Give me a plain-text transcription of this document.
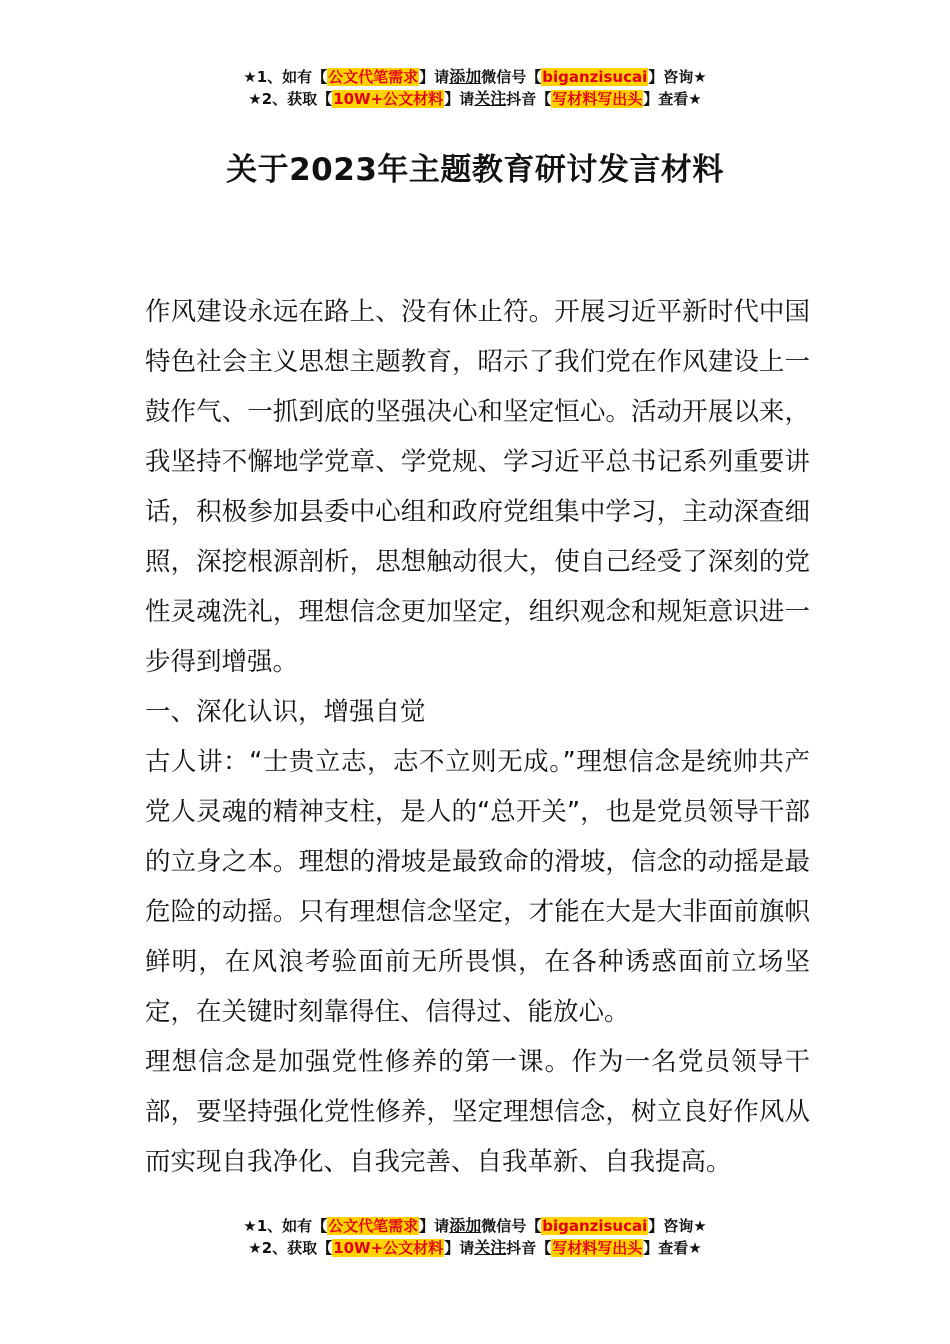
★1、如有【公文代笔需求】请添加微信号【biganzisucai】咨询★
★2、获取【10W+公文材料】请关注抖音【写材料写出头】查看★
关于2023年主题教育研讨发言材料

作风建设永远在路上、没有休止符。开展习近平新时代中国特色社会主义思想主题教育，昭示了我们党在作风建设上一鼓作气、一抓到底的坚强决心和坚定恒心。活动开展以来，我坚持不懈地学党章、学党规、学习近平总书记系列重要讲话，积极参加县委中心组和政府党组集中学习，主动深查细照，深挖根源剖析，思想触动很大，使自己经受了深刻的党性灵魂洗礼，理想信念更加坚定，组织观念和规矩意识进一步得到增强。

一、深化认识，增强自觉

古人讲：“士贵立志，志不立则无成。”理想信念是统帅共产党人灵魂的精神支柱，是人的“总开关”，也是党员领导干部的立身之本。理想的滑坡是最致命的滑坡，信念的动摇是最危险的动摇。只有理想信念坚定，才能在大是大非面前旗帜鲜明，在风浪考验面前无所畏惧，在各种诱惑面前立场坚定，在关键时刻靠得住、信得过、能放心。

理想信念是加强党性修养的第一课。作为一名党员领导干部，要坚持强化党性修养，坚定理想信念，树立良好作风从而实现自我净化、自我完善、自我革新、自我提高。

★1、如有【公文代笔需求】请添加微信号【biganzisucai】咨询★
★2、获取【10W+公文材料】请关注抖音【写材料写出头】查看★
